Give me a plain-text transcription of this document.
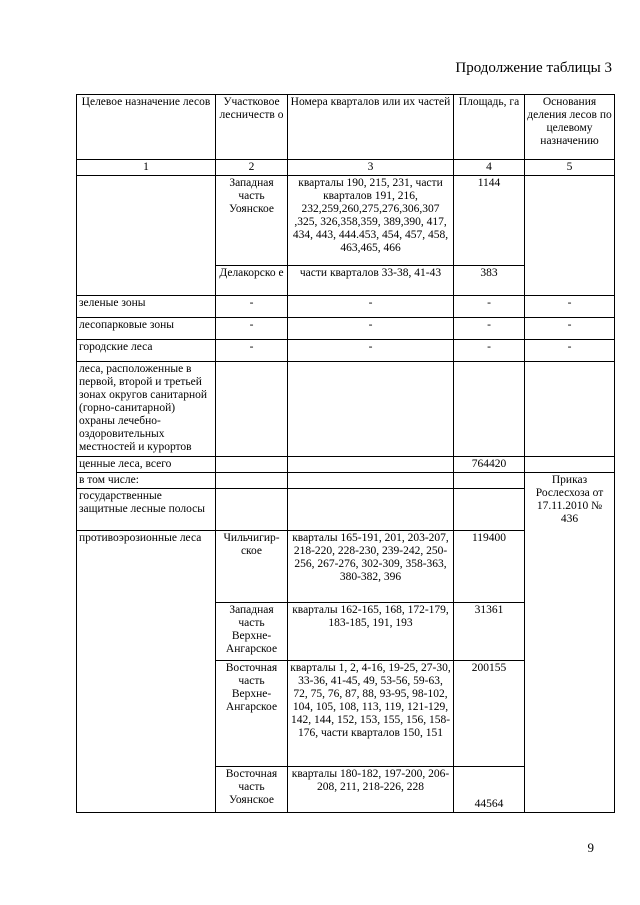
Продолжение таблицы 3
Целевое назначение лесов	Участковое лесничеств о	Номера кварталов или их частей	Площадь, га	Основания деления лесов по целевому назначению
1	2	3	4	5
	Западная часть Уоянское	кварталы 190, 215, 231, части кварталов 191, 216, 232,259,260,275,276,306,307 ,325, 326,358,359, 389,390, 417, 434, 443, 444.453, 454, 457, 458, 463,465, 466	1144	
	Делакорско е	части кварталов 33-38, 41-43	383	
зеленые зоны	-	-	-	-
лесопарковые зоны	-	-	-	-
городские леса	-	-	-	-
леса, расположенные в первой, второй и третьей зонах округов санитарной (горно-санитарной) охраны лечебно-оздоровительных местностей и курортов				
ценные леса, всего			764420	
в том числе:				Приказ Рослесхоза от 17.11.2010 № 436
государственные защитные лесные полосы				
противоэрозионные леса	Чильчигир-ское	кварталы 165-191, 201, 203-207, 218-220, 228-230, 239-242, 250-256, 267-276, 302-309, 358-363, 380-382, 396	119400	
	Западная часть Верхне-Ангарское	кварталы 162-165, 168, 172-179, 183-185, 191, 193	31361	
	Восточная часть Верхне-Ангарское	кварталы 1, 2, 4-16, 19-25, 27-30, 33-36, 41-45, 49, 53-56, 59-63, 72, 75, 76, 87, 88, 93-95, 98-102, 104, 105, 108, 113, 119, 121-129, 142, 144, 152, 153, 155, 156, 158-176, части кварталов 150, 151	200155	
	Восточная часть Уоянское	кварталы 180-182, 197-200, 206-208, 211, 218-226, 228	44564	
9
